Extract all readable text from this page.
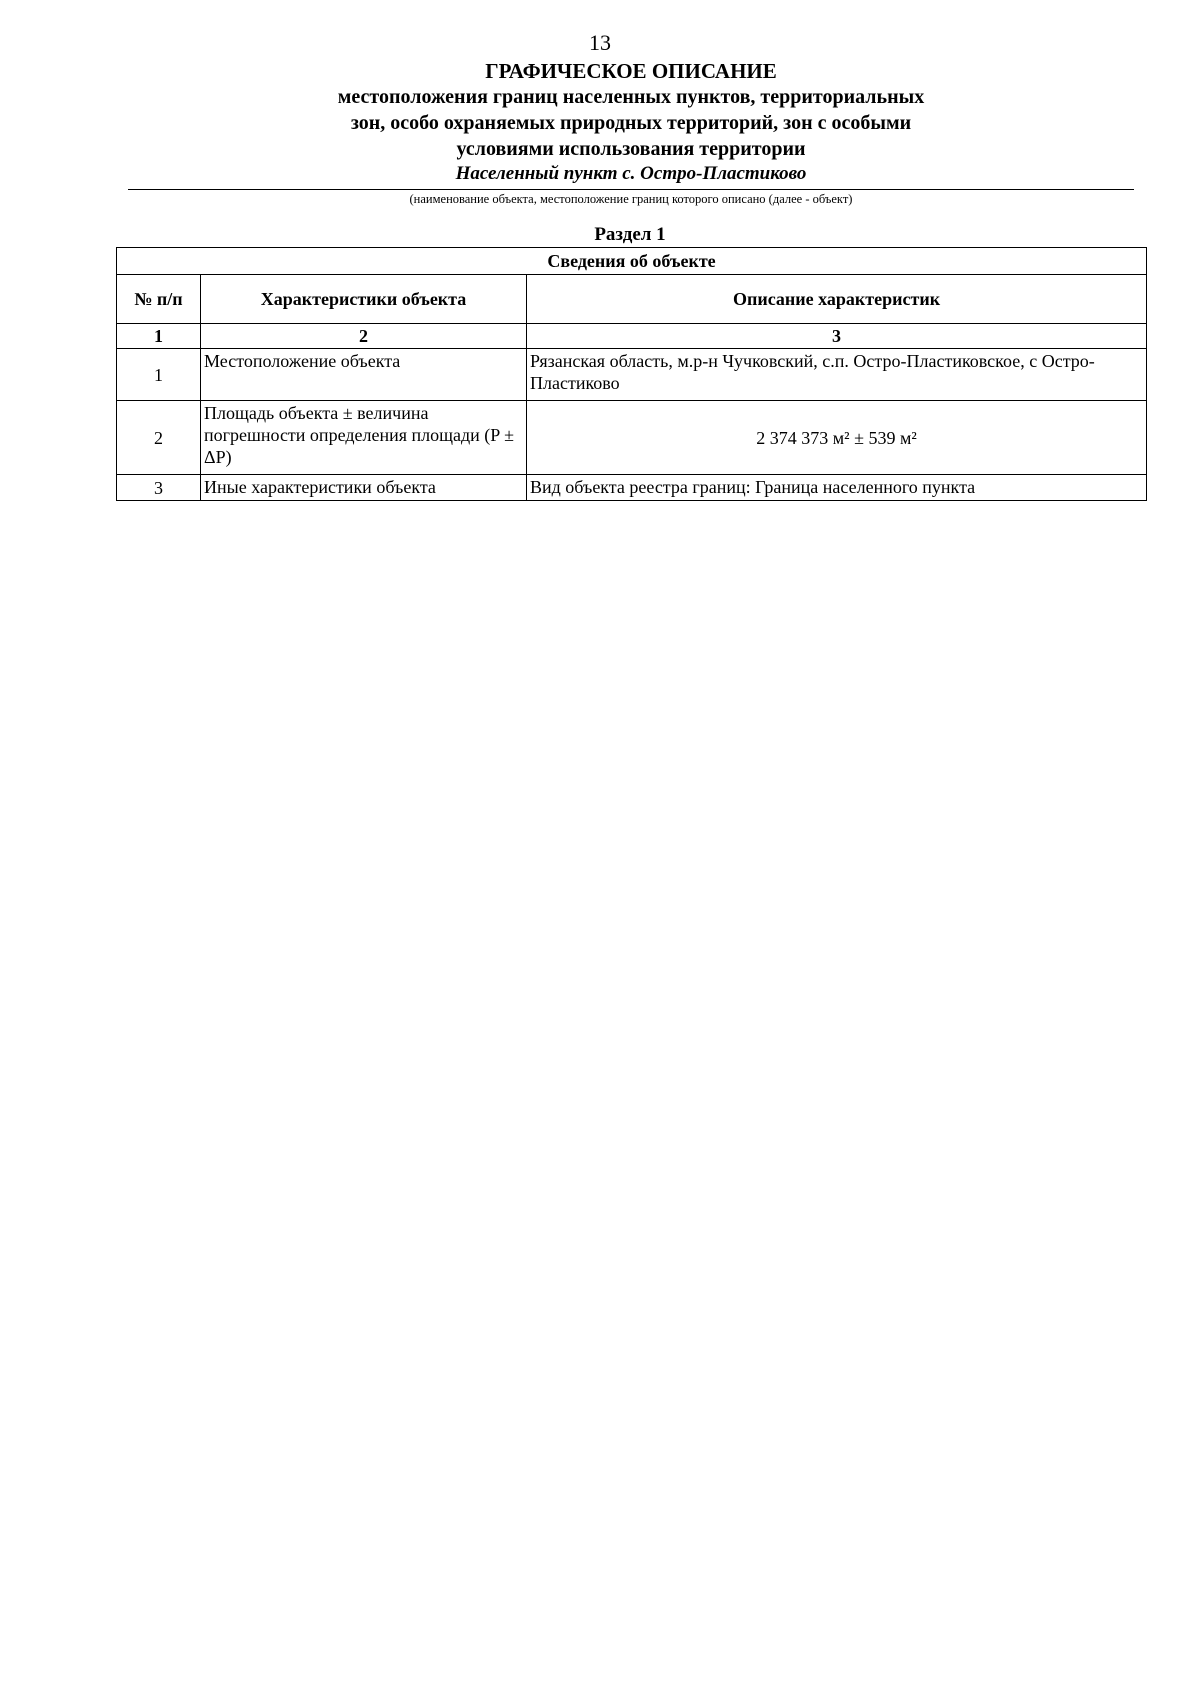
13
ГРАФИЧЕСКОЕ ОПИСАНИЕ
местоположения границ населенных пунктов, территориальных
зон, особо охраняемых природных территорий, зон с особыми
условиями использования территории
Населенный пункт с. Остро-Пластиково
(наименование объекта, местоположение границ которого описано (далее - объект)
Раздел 1
Сведения об объекте		
№ п/п	Характеристики объекта	Описание характеристик
1	2	3
1	Местоположение объекта	Рязанская область, м.р-н Чучковский, с.п. Остро-Пластиковское, с Остро-Пластиково
2	Площадь объекта ± величина погрешности определения площади (P ± ΔP)	2 374 373 м² ± 539 м²
3	Иные характеристики объекта	Вид объекта реестра границ: Граница населенного пункта
